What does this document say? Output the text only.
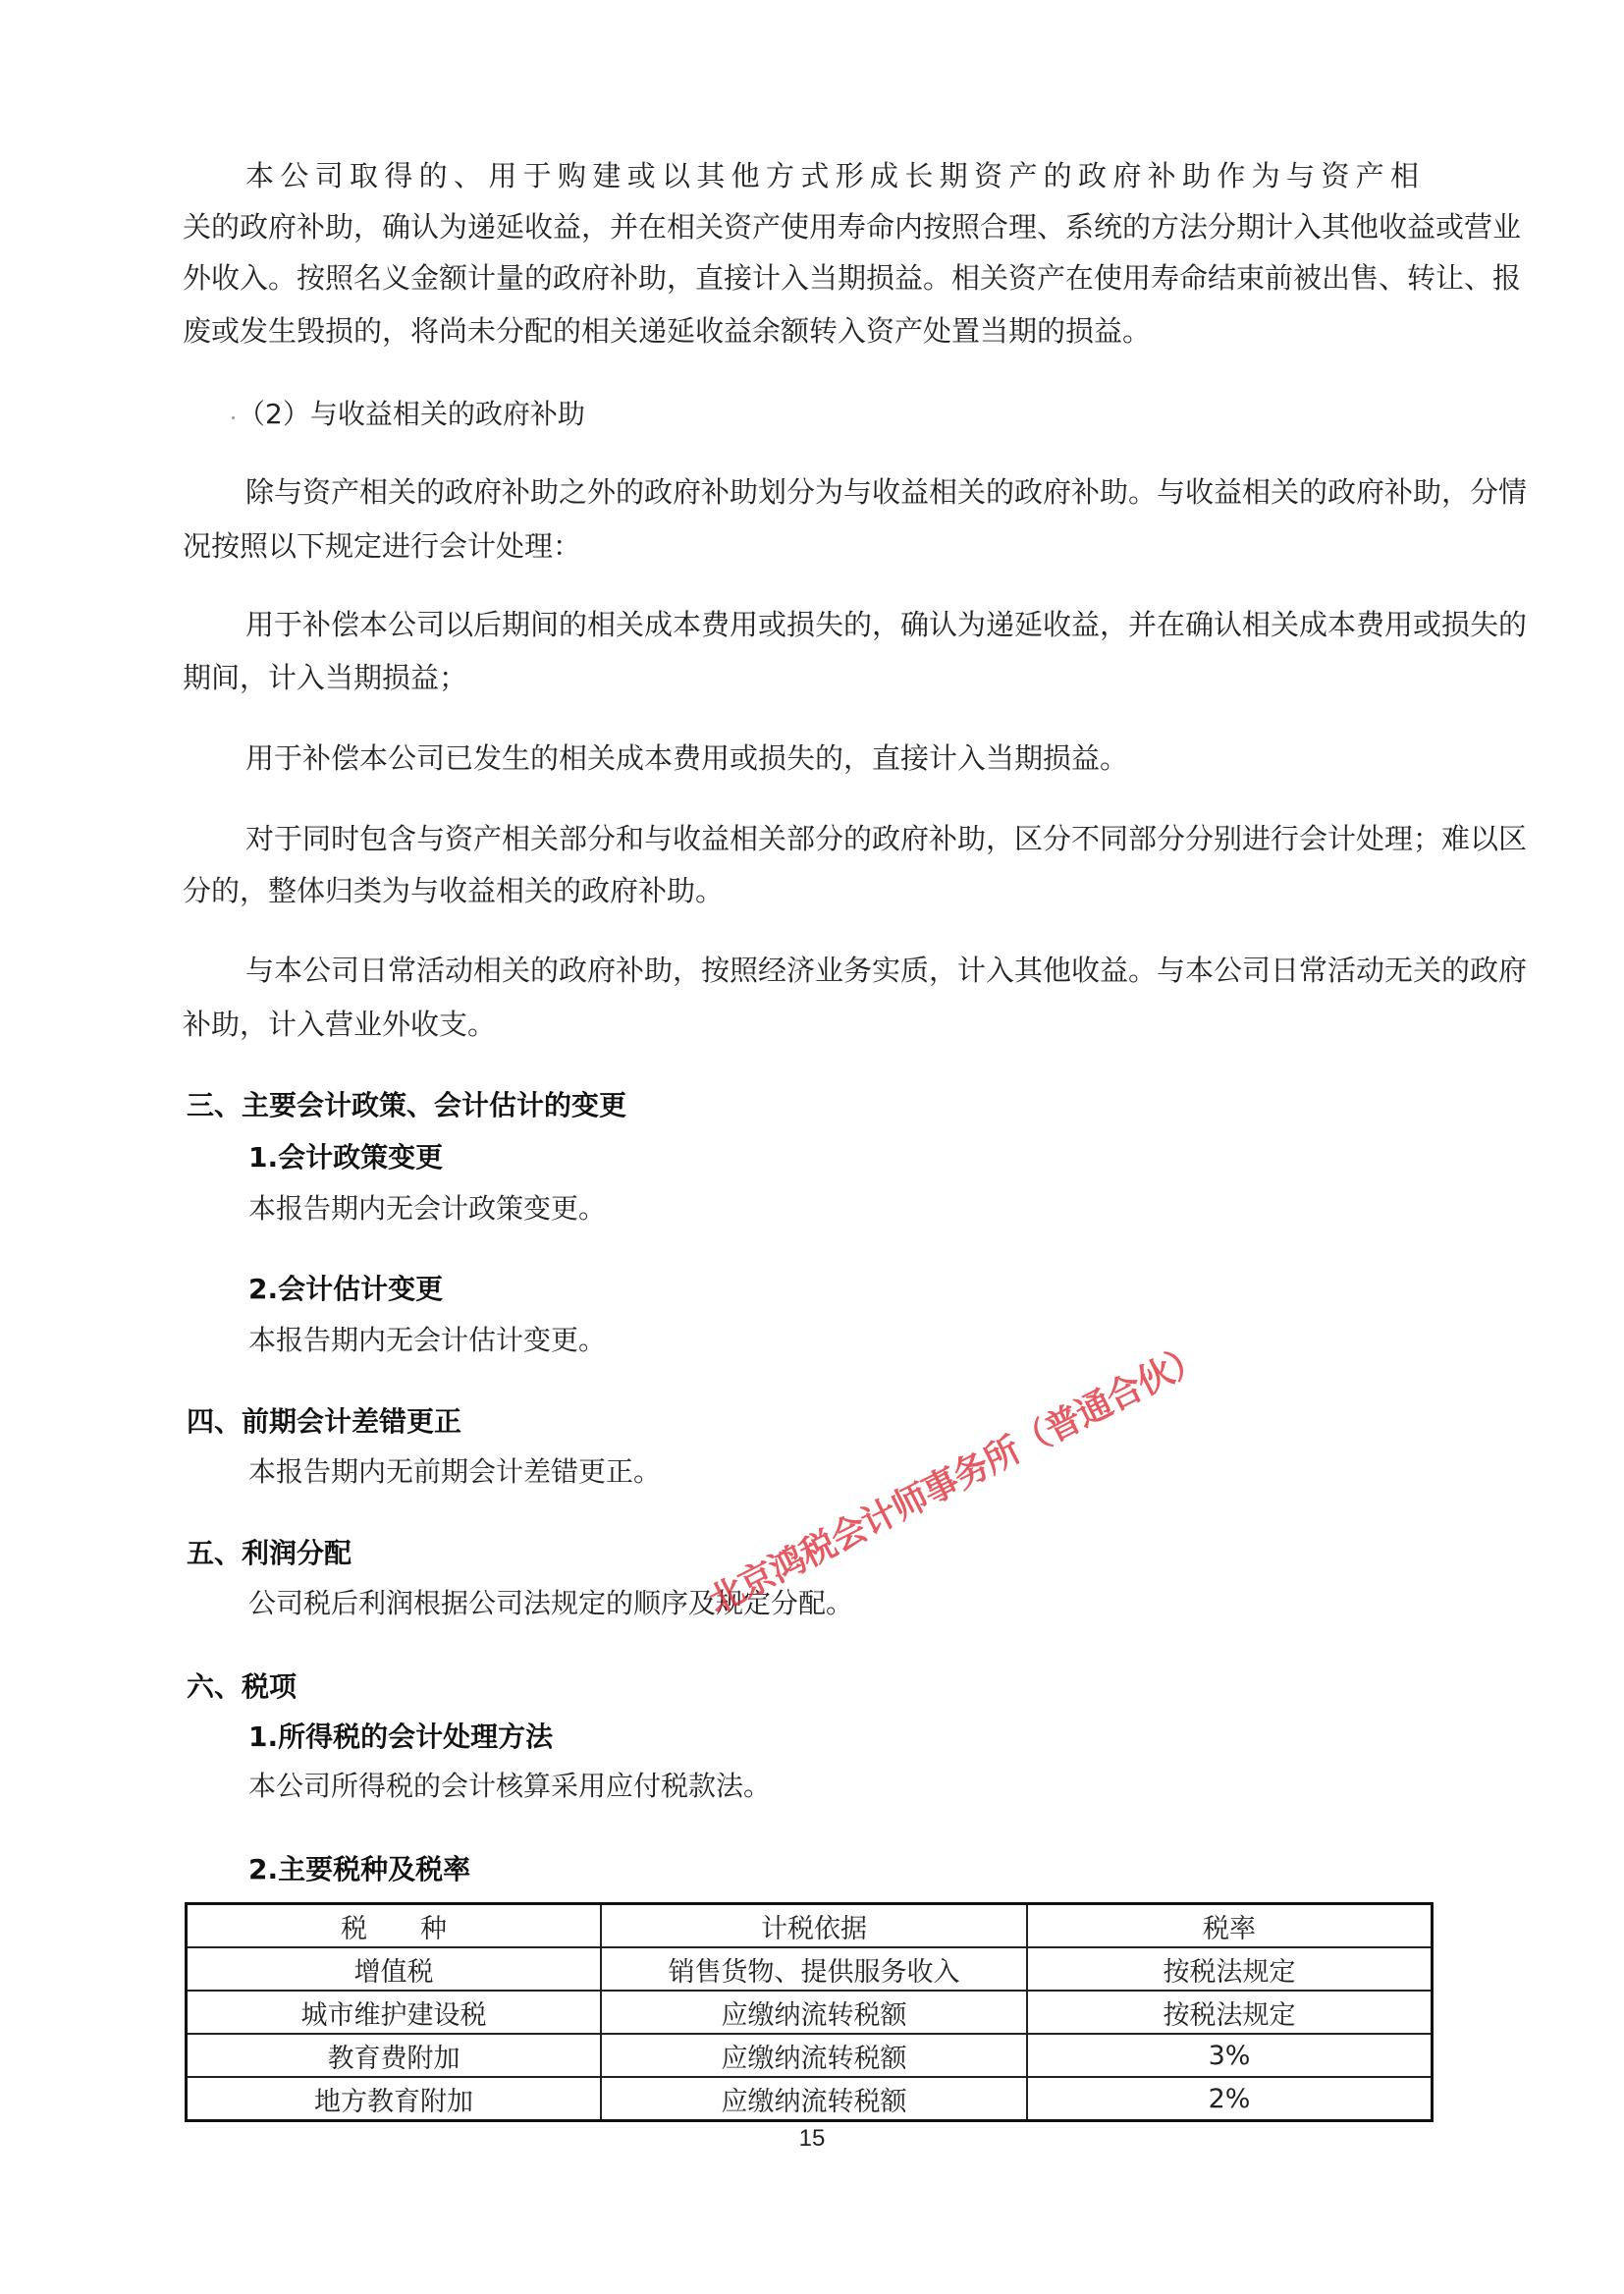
本公司取得的、用于购建或以其他方式形成长期资产的政府补助作为与资产相
关的政府补助，确认为递延收益，并在相关资产使用寿命内按照合理、系统的方法分期计入其他收益或营业
外收入。按照名义金额计量的政府补助，直接计入当期损益。相关资产在使用寿命结束前被出售、转让、报
废或发生毁损的，将尚未分配的相关递延收益余额转入资产处置当期的损益。
（2）与收益相关的政府补助
除与资产相关的政府补助之外的政府补助划分为与收益相关的政府补助。与收益相关的政府补助，分情
况按照以下规定进行会计处理：
用于补偿本公司以后期间的相关成本费用或损失的，确认为递延收益，并在确认相关成本费用或损失的
期间，计入当期损益；
用于补偿本公司已发生的相关成本费用或损失的，直接计入当期损益。
对于同时包含与资产相关部分和与收益相关部分的政府补助，区分不同部分分别进行会计处理；难以区
分的，整体归类为与收益相关的政府补助。
与本公司日常活动相关的政府补助，按照经济业务实质，计入其他收益。与本公司日常活动无关的政府
补助，计入营业外收支。
三、主要会计政策、会计估计的变更
1.会计政策变更
本报告期内无会计政策变更。
2.会计估计变更
本报告期内无会计估计变更。
四、前期会计差错更正
本报告期内无前期会计差错更正。
五、利润分配
公司税后利润根据公司法规定的顺序及规定分配。
六、税项
1.所得税的会计处理方法
本公司所得税的会计核算采用应付税款法。
2.主要税种及税率
税　　种	计税依据	税率
增值税	销售货物、提供服务收入	按税法规定
城市维护建设税	应缴纳流转税额	按税法规定
教育费附加	应缴纳流转税额	3%
地方教育附加	应缴纳流转税额	2%
15
北京鸿税会计师事务所（普通合伙）
